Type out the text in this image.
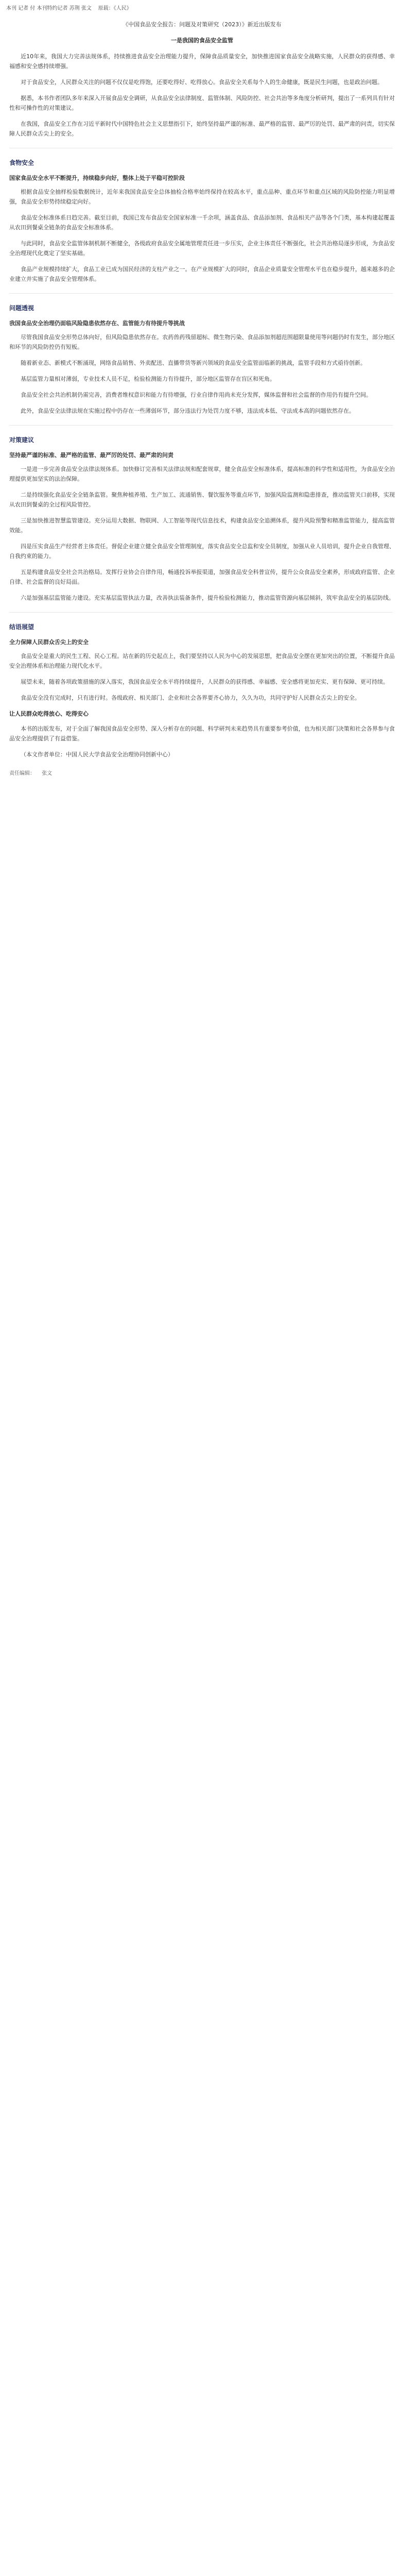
本刊 记者 付 本刊特约记者 苏荆 张文 原载：《人民》
《中国食品安全报告：问题及对策研究（2023）》新近出版发布
一是我国的食品安全监管
近10年来，我国大力完善法规体系，持续推进食品安全治理能力提升，保障食品质量安全，加快推进国家食品安全战略实施，人民群众的获得感、幸福感和安全感持续增强。
对于食品安全，人民群众关注的问题不仅仅是吃得饱，还要吃得好、吃得放心。食品安全关系每个人的生命健康，既是民生问题，也是政治问题。
据悉，本书作者团队多年来深入开展食品安全调研，从食品安全法律制度、监管体制、风险防控、社会共治等多角度分析研判，提出了一系列具有针对性和可操作性的对策建议。
在我国，食品安全工作在习近平新时代中国特色社会主义思想指引下，始终坚持最严谨的标准、最严格的监管、最严厉的处罚、最严肃的问责，切实保障人民群众舌尖上的安全。
食物安全
国家食品安全水平不断提升，持续稳步向好，整体上处于平稳可控阶段
根据食品安全抽样检验数据统计，近年来我国食品安全总体抽检合格率始终保持在较高水平，重点品种、重点环节和重点区域的风险防控能力明显增强，食品安全形势持续稳定向好。
食品安全标准体系日趋完善。截至目前，我国已发布食品安全国家标准一千余项，涵盖食品、食品添加剂、食品相关产品等各个门类，基本构建起覆盖从农田到餐桌全链条的食品安全标准体系。
与此同时，食品安全监管体制机制不断健全，各级政府食品安全属地管理责任进一步压实，企业主体责任不断强化，社会共治格局逐步形成，为食品安全治理现代化奠定了坚实基础。
食品产业规模持续扩大，食品工业已成为国民经济的支柱产业之一。在产业规模扩大的同时，食品企业质量安全管理水平也在稳步提升，越来越多的企业建立并实施了食品安全管理体系。
问题透视
我国食品安全治理仍面临风险隐患依然存在、监管能力有待提升等挑战
尽管我国食品安全形势总体向好，但风险隐患依然存在。农药兽药残留超标、微生物污染、食品添加剂超范围超限量使用等问题仍时有发生，部分地区和环节的风险防控仍有短板。
随着新业态、新模式不断涌现，网络食品销售、外卖配送、直播带货等新兴领域的食品安全监管面临新的挑战，监管手段和方式亟待创新。
基层监管力量相对薄弱，专业技术人员不足，检验检测能力有待提升，部分地区监管存在盲区和死角。
食品安全社会共治机制仍需完善，消费者维权意识和能力有待增强，行业自律作用尚未充分发挥，媒体监督和社会监督的作用仍有提升空间。
此外，食品安全法律法规在实施过程中仍存在一些薄弱环节，部分违法行为处罚力度不够，违法成本低、守法成本高的问题依然存在。
对策建议
坚持最严谨的标准、最严格的监管、最严厉的处罚、最严肃的问责
一是进一步完善食品安全法律法规体系。加快修订完善相关法律法规和配套规章，健全食品安全标准体系，提高标准的科学性和适用性，为食品安全治理提供更加坚实的法治保障。
二是持续强化食品安全全链条监管。聚焦种植养殖、生产加工、流通销售、餐饮服务等重点环节，加强风险监测和隐患排查，推动监管关口前移，实现从农田到餐桌的全过程风险管控。
三是加快推进智慧监管建设。充分运用大数据、物联网、人工智能等现代信息技术，构建食品安全追溯体系，提升风险预警和精准监管能力，提高监管效能。
四是压实食品生产经营者主体责任。督促企业建立健全食品安全管理制度，落实食品安全总监和安全员制度，加强从业人员培训，提升企业自我管理、自我约束的能力。
五是构建食品安全社会共治格局。发挥行业协会自律作用，畅通投诉举报渠道，加强食品安全科普宣传，提升公众食品安全素养，形成政府监管、企业自律、社会监督的良好局面。
六是加强基层监管能力建设。充实基层监管执法力量，改善执法装备条件，提升检验检测能力，推动监管资源向基层倾斜，筑牢食品安全的基层防线。
结语展望
全力保障人民群众舌尖上的安全
食品安全是重大的民生工程、民心工程。站在新的历史起点上，我们要坚持以人民为中心的发展思想，把食品安全摆在更加突出的位置，不断提升食品安全治理体系和治理能力现代化水平。
展望未来，随着各项政策措施的深入落实，我国食品安全水平将持续提升，人民群众的获得感、幸福感、安全感将更加充实、更有保障、更可持续。
食品安全没有完成时，只有进行时。各级政府、相关部门、企业和社会各界要齐心协力，久久为功，共同守护好人民群众舌尖上的安全。
让人民群众吃得放心、吃得安心
本书的出版发布，对于全面了解我国食品安全形势、深入分析存在的问题、科学研判未来趋势具有重要参考价值，也为相关部门决策和社会各界参与食品安全治理提供了有益借鉴。
（本文作者单位：中国人民大学食品安全治理协同创新中心）
责任编辑： 张文
